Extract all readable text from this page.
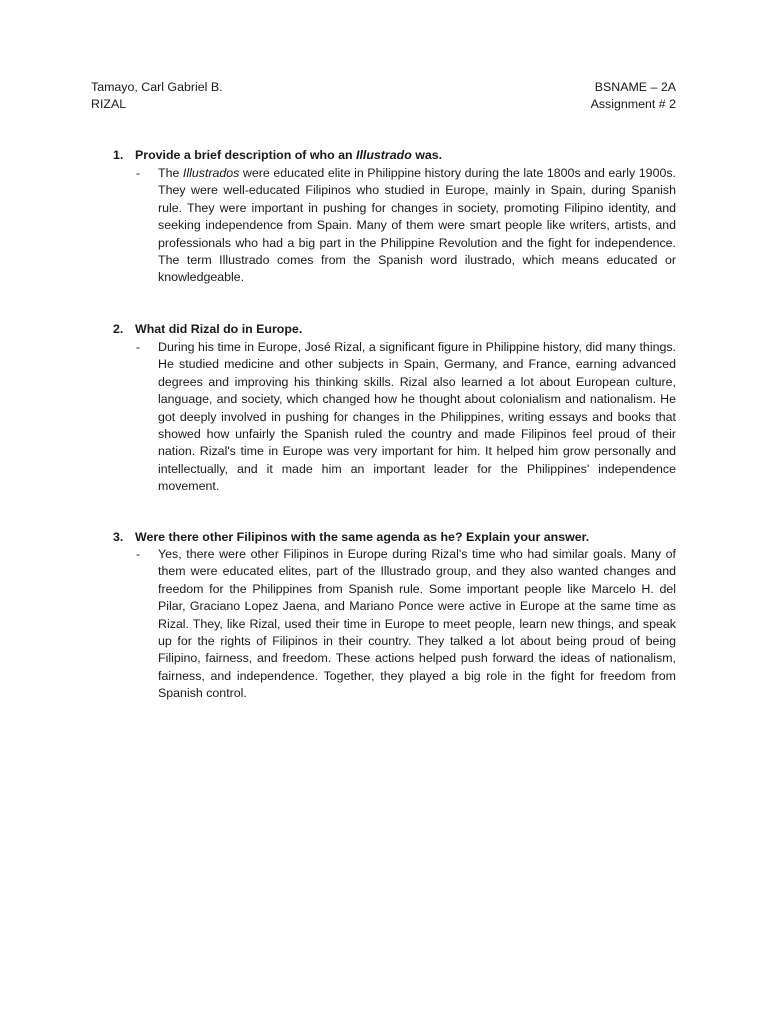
Tamayo, Carl Gabriel B.	BSNAME – 2A
RIZAL	Assignment # 2
1. Provide a brief description of who an Illustrado was.
- The Illustrados were educated elite in Philippine history during the late 1800s and early 1900s. They were well-educated Filipinos who studied in Europe, mainly in Spain, during Spanish rule. They were important in pushing for changes in society, promoting Filipino identity, and seeking independence from Spain. Many of them were smart people like writers, artists, and professionals who had a big part in the Philippine Revolution and the fight for independence. The term Illustrado comes from the Spanish word ilustrado, which means educated or knowledgeable.
2. What did Rizal do in Europe.
- During his time in Europe, José Rizal, a significant figure in Philippine history, did many things. He studied medicine and other subjects in Spain, Germany, and France, earning advanced degrees and improving his thinking skills. Rizal also learned a lot about European culture, language, and society, which changed how he thought about colonialism and nationalism. He got deeply involved in pushing for changes in the Philippines, writing essays and books that showed how unfairly the Spanish ruled the country and made Filipinos feel proud of their nation. Rizal's time in Europe was very important for him. It helped him grow personally and intellectually, and it made him an important leader for the Philippines' independence movement.
3. Were there other Filipinos with the same agenda as he? Explain your answer.
- Yes, there were other Filipinos in Europe during Rizal's time who had similar goals. Many of them were educated elites, part of the Illustrado group, and they also wanted changes and freedom for the Philippines from Spanish rule. Some important people like Marcelo H. del Pilar, Graciano Lopez Jaena, and Mariano Ponce were active in Europe at the same time as Rizal. They, like Rizal, used their time in Europe to meet people, learn new things, and speak up for the rights of Filipinos in their country. They talked a lot about being proud of being Filipino, fairness, and freedom. These actions helped push forward the ideas of nationalism, fairness, and independence. Together, they played a big role in the fight for freedom from Spanish control.
